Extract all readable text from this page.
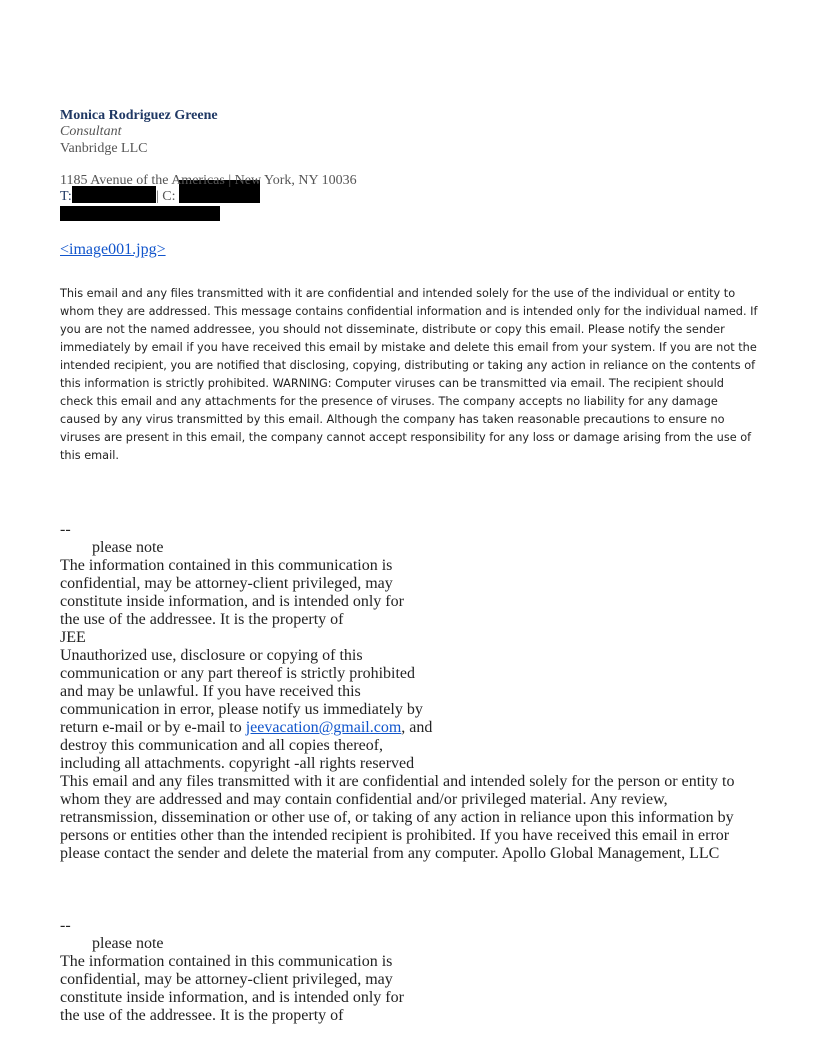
Monica Rodriguez Greene

Consultant

Vanbridge LLC

1185 Avenue of the Americas | New York, NY 10036

T:	| C:
<image001.jpg>
This email and any files transmitted with it are confidential and intended solely for the use of the individual or entity to whom they are addressed. This message contains confidential information and is intended only for the individual named. If you are not the named addressee, you should not disseminate, distribute or copy this email. Please notify the sender immediately by email if you have received this email by mistake and delete this email from your system. If you are not the intended recipient, you are notified that disclosing, copying, distributing or taking any action in reliance on the contents of this information is strictly prohibited. WARNING: Computer viruses can be transmitted via email. The recipient should check this email and any attachments for the presence of viruses. The company accepts no liability for any damage caused by any virus transmitted by this email. Although the company has taken reasonable precautions to ensure no viruses are present in this email, the company cannot accept responsibility for any loss or damage arising from the use of this email.
--
please note
The information contained in this communication is
confidential, may be attorney-client privileged, may
constitute inside information, and is intended only for
the use of the addressee. It is the property of
JEE
Unauthorized use, disclosure or copying of this
communication or any part thereof is strictly prohibited
and may be unlawful. If you have received this
communication in error, please notify us immediately by
return e-mail or by e-mail to jeevacation@gmail.com, and
destroy this communication and all copies thereof,
including all attachments. copyright -all rights reserved
This email and any files transmitted with it are confidential and intended solely for the person or entity to whom they are addressed and may contain confidential and/or privileged material. Any review, retransmission, dissemination or other use of, or taking of any action in reliance upon this information by persons or entities other than the intended recipient is prohibited. If you have received this email in error please contact the sender and delete the material from any computer. Apollo Global Management, LLC
--
please note
The information contained in this communication is
confidential, may be attorney-client privileged, may
constitute inside information, and is intended only for
the use of the addressee. It is the property of
